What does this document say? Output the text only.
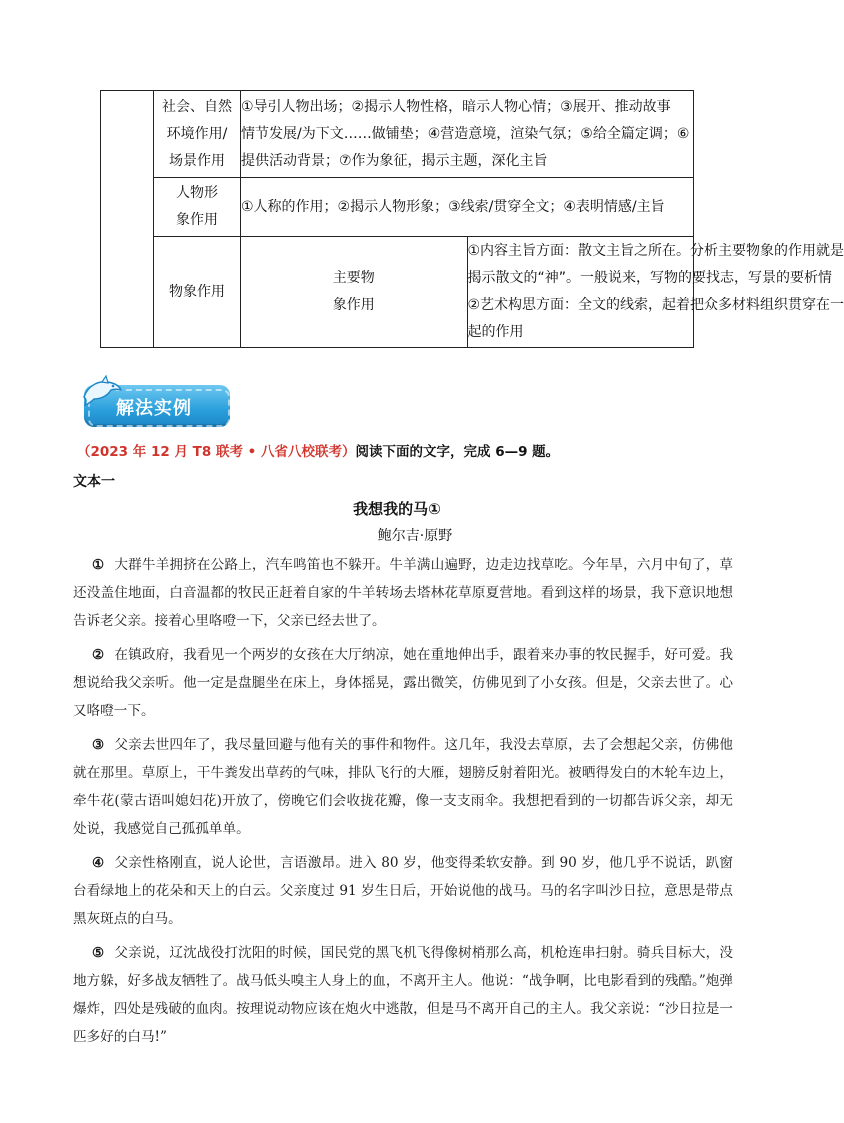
	社会、自然
环境作用/
场景作用	①导引人物出场；②揭示人物性格，暗示人物心情；③展开、推动故事
情节发展/为下文……做铺垫；④营造意境，渲染气氛；⑤给全篇定调；⑥
提供活动背景；⑦作为象征，揭示主题，深化主旨	

	人物形
象作用	①人称的作用；②揭示人物形象；③线索/贯穿全文；④表明情感/主旨	

	物象作用	主要物
象作用	①内容主旨方面：散文主旨之所在。分析主要物象的作用就是
揭示散文的“神”。一般说来，写物的要找志，写景的要析情
②艺术构思方面：全文的线索，起着把众多材料组织贯穿在一
起的作用
解法实例
（2023 年 12 月 T8 联考 • 八省八校联考）阅读下面的文字，完成 6—9 题。
文本一
我想我的马①
鲍尔吉·原野

① 大群牛羊拥挤在公路上，汽车鸣笛也不躲开。牛羊满山遍野，边走边找草吃。今年旱，六月中旬了，草还没盖住地面，白音温都的牧民正赶着自家的牛羊转场去塔林花草原夏营地。看到这样的场景，我下意识地想告诉老父亲。接着心里咯噔一下，父亲已经去世了。

② 在镇政府，我看见一个两岁的女孩在大厅纳凉，她在重地伸出手，跟着来办事的牧民握手，好可爱。我想说给我父亲听。他一定是盘腿坐在床上，身体摇晃，露出微笑，仿佛见到了小女孩。但是，父亲去世了。心又咯噔一下。

③ 父亲去世四年了，我尽量回避与他有关的事件和物件。这几年，我没去草原，去了会想起父亲，仿佛他就在那里。草原上，干牛粪发出草药的气味，排队飞行的大雁，翅膀反射着阳光。被晒得发白的木轮车边上，牵牛花(蒙古语叫媳妇花)开放了，傍晚它们会收拢花瓣，像一支支雨伞。我想把看到的一切都告诉父亲，却无处说，我感觉自己孤孤单单。

④ 父亲性格刚直，说人论世，言语激昂。进入 80 岁，他变得柔软安静。到 90 岁，他几乎不说话，趴窗台看绿地上的花朵和天上的白云。父亲度过 91 岁生日后，开始说他的战马。马的名字叫沙日拉，意思是带点黑灰斑点的白马。

⑤ 父亲说，辽沈战役打沈阳的时候，国民党的黑飞机飞得像树梢那么高，机枪连串扫射。骑兵目标大，没地方躲，好多战友牺牲了。战马低头嗅主人身上的血，不离开主人。他说：“战争啊，比电影看到的残酷。”炮弹爆炸，四处是残破的血肉。按理说动物应该在炮火中逃散，但是马不离开自己的主人。我父亲说：“沙日拉是一匹多好的白马!”
